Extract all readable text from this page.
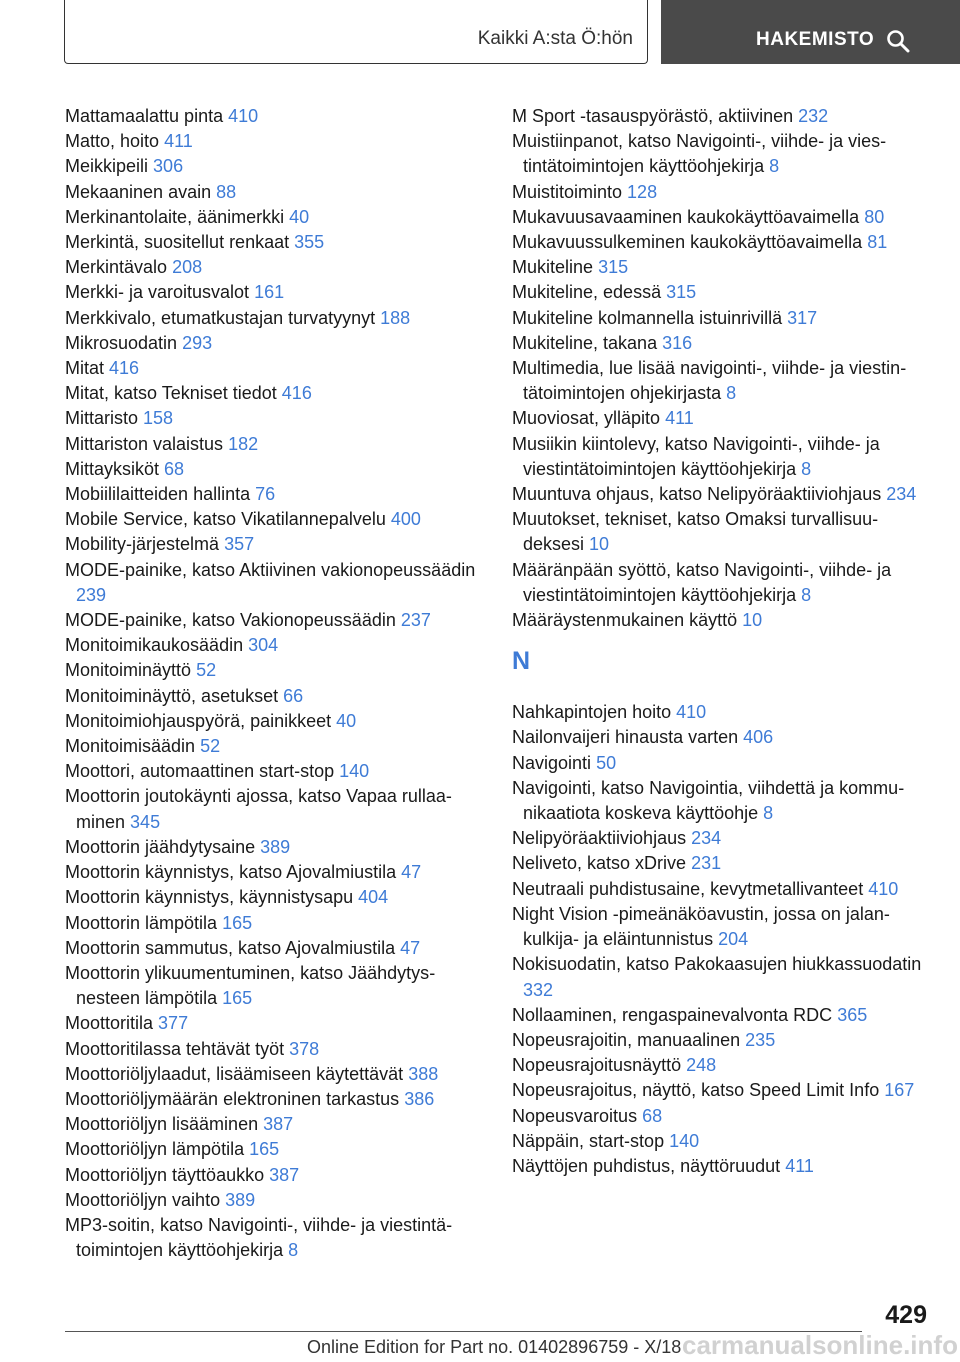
Kaikki A:sta Ö:hön	HAKEMISTO
Mattamaalattu pinta 410
Matto, hoito 411
Meikkipeili 306
Mekaaninen avain 88
Merkinantolaite, äänimerkki 40
Merkintä, suositellut renkaat 355
Merkintävalo 208
Merkki- ja varoitusvalot 161
Merkkivalo, etumatkustajan turvatyynyt 188
Mikrosuodatin 293
Mitat 416
Mitat, katso Tekniset tiedot 416
Mittaristo 158
Mittariston valaistus 182
Mittayksiköt 68
Mobiililaitteiden hallinta 76
Mobile Service, katso Vikatilannepalvelu 400
Mobility-järjestelmä 357
MODE-painike, katso Aktiivinen vakionopeussäädin 239
MODE-painike, katso Vakionopeussäädin 237
Monitoimikaukosäädin 304
Monitoiminäyttö 52
Monitoiminäyttö, asetukset 66
Monitoimiohjauspyörä, painikkeet 40
Monitoimisäädin 52
Moottori, automaattinen start-stop 140
Moottorin joutokäynti ajossa, katso Vapaa rullaaminen 345
Moottorin jäähdytysaine 389
Moottorin käynnistys, katso Ajovalmiustila 47
Moottorin käynnistys, käynnistysapu 404
Moottorin lämpötila 165
Moottorin sammutus, katso Ajovalmiustila 47
Moottorin ylikuumentuminen, katso Jäähdytysnesteen lämpötila 165
Moottoritila 377
Moottoritilassa tehtävät työt 378
Moottoriöljylaadut, lisäämiseen käytettävät 388
Moottoriöljymäärän elektroninen tarkastus 386
Moottoriöljyn lisääminen 387
Moottoriöljyn lämpötila 165
Moottoriöljyn täyttöaukko 387
Moottoriöljyn vaihto 389
MP3-soitin, katso Navigointi-, viihde- ja viestintätoimintojen käyttöohjekirja 8
M Sport -tasauspyörästö, aktiivinen 232
Muistiinpanot, katso Navigointi-, viihde- ja viestintätoimintojen käyttöohjekirja 8
Muistitoiminto 128
Mukavuusavaaminen kaukokäyttöavaimella 80
Mukavuussulkeminen kaukokäyttöavaimella 81
Mukiteline 315
Mukiteline, edessä 315
Mukiteline kolmannella istuinrivillä 317
Mukiteline, takana 316
Multimedia, lue lisää navigointi-, viihde- ja viestintätoimintojen ohjekirjasta 8
Muoviosat, ylläpito 411
Musiikin kiintolevy, katso Navigointi-, viihde- ja viestintätoimintojen käyttöohjekirja 8
Muuntuva ohjaus, katso Nelipyöräaktiiviohjaus 234
Muutokset, tekniset, katso Omaksi turvallisuudeksesi 10
Määränpään syöttö, katso Navigointi-, viihde- ja viestintätoimintojen käyttöohjekirja 8
Määräystenmukainen käyttö 10
N
Nahkapintojen hoito 410
Nailonvaijeri hinausta varten 406
Navigointi 50
Navigointi, katso Navigointia, viihdettä ja kommunikaatiota koskeva käyttöohje 8
Nelipyöräaktiiviohjaus 234
Neliveto, katso xDrive 231
Neutraali puhdistusaine, kevytmetallivanteet 410
Night Vision -pimeänäköavustin, jossa on jalankulkija- ja eläintunnistus 204
Nokisuodatin, katso Pakokaasujen hiukkassuodatin 332
Nollaaminen, rengaspainevalvonta RDC 365
Nopeusrajoitin, manuaalinen 235
Nopeusrajoitusnäyttö 248
Nopeusrajoitus, näyttö, katso Speed Limit Info 167
Nopeusvaroitus 68
Näppäin, start-stop 140
Näyttöjen puhdistus, näyttöruudut 411
429
Online Edition for Part no. 01402896759 - X/18 carmanualsonline.info
